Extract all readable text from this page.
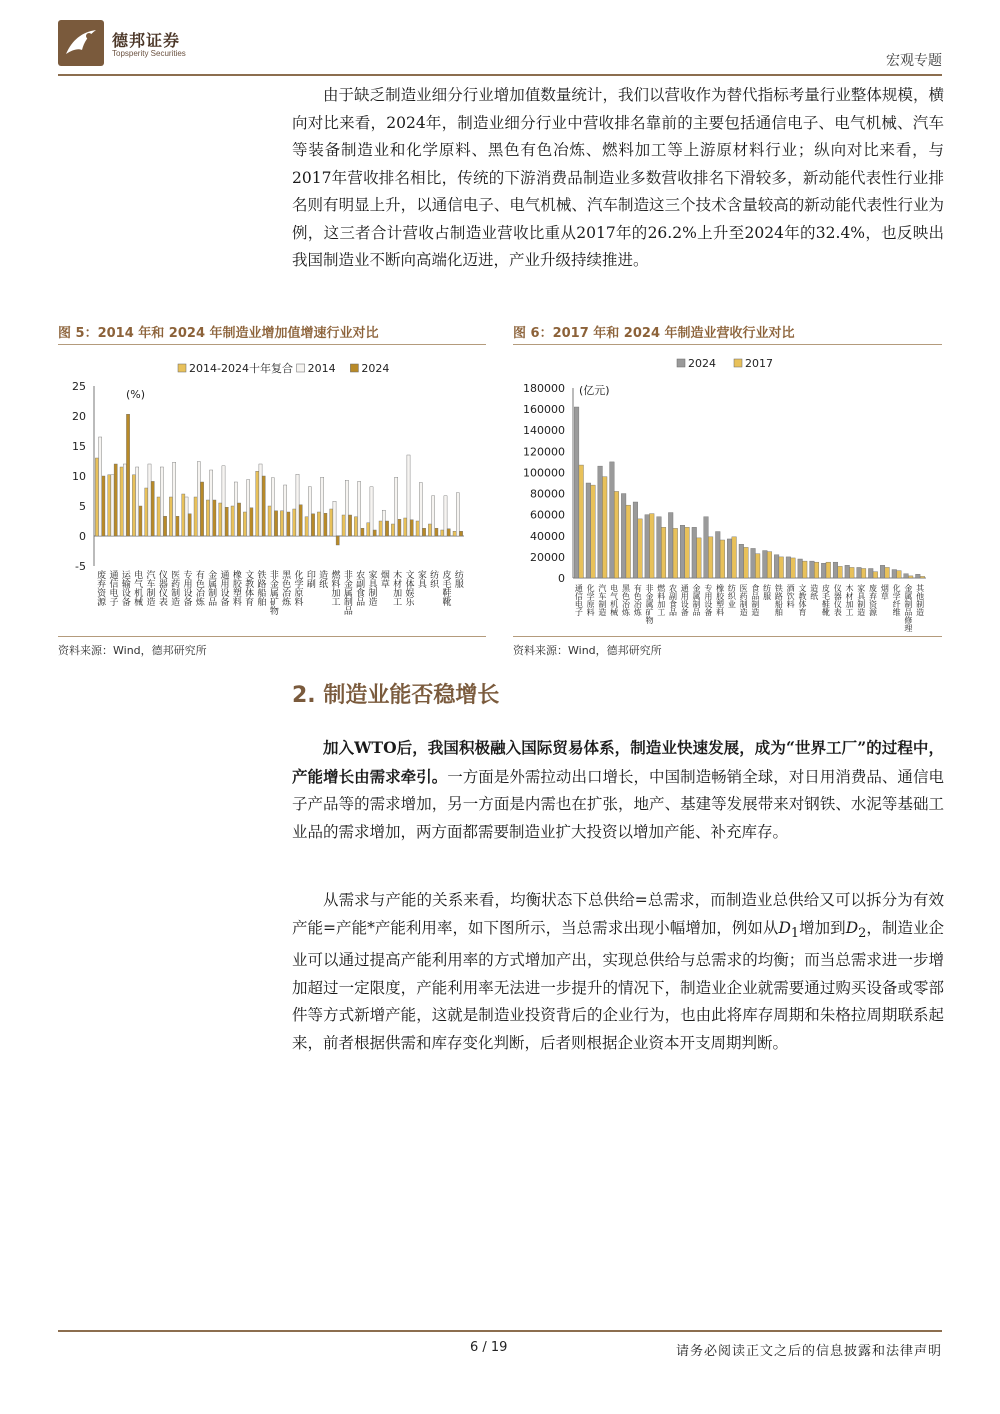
德邦证券
Topsperity Securities	宏观专题

由于缺乏制造业细分行业增加值数量统计，我们以营收作为替代指标考量行业整体规模，横向对比来看，2024年，制造业细分行业中营收排名靠前的主要包括通信电子、电气机械、汽车等装备制造业和化学原料、黑色有色冶炼、燃料加工等上游原材料行业；纵向对比来看，与2017年营收排名相比，传统的下游消费品制造业多数营收排名下滑较多，新动能代表性行业排名则有明显上升，以通信电子、电气机械、汽车制造这三个技术含量较高的新动能代表性行业为例，这三者合计营收占制造业营收比重从2017年的26.2%上升至2024年的32.4%，也反映出我国制造业不断向高端化迈进，产业升级持续推进。

图 5：2014 年和 2024 年制造业增加值增速行业对比
2014-2024十年复合 2014 2024
(%)
-5
0
5
10
15
20
25
废弃资源 通信电子 运输设备 电气机械 汽车制造 仪器仪表 医药制造 专用设备 有色冶炼 金属制品 通用设备 橡胶塑料 文教体育 铁路船舶 非金属矿物 黑色冶炼 化学原料 印刷 造纸 燃料加工 非金属制品 农副食品 家具制造 烟草 木材加工 文体娱乐 家具 纺织 皮毛鞋靴 纺服
资料来源：Wind，德邦研究所
图 6：2017 年和 2024 年制造业营收行业对比
2024	2017
(亿元)
0
20000
40000
60000
80000
100000
120000
140000
160000
180000
通信电子 化学原料 汽车制造 电气机械 黑色冶炼 有色冶炼 非金属矿物 燃料加工 农副食品 通用设备 金属制品 专用设备 橡胶塑料 纺织业 医药制造 食品制造 纺服 铁路船舶 酒饮料 文教体育 造纸 皮毛鞋靴 仪器仪表 木材加工 家具制造 废弃资源 烟草 化学纤维 金属制品修理 其他制造
资料来源：Wind，德邦研究所
2. 制造业能否稳增长

加入WTO后，我国积极融入国际贸易体系，制造业快速发展，成为“世界工厂”的过程中，产能增长由需求牵引。一方面是外需拉动出口增长，中国制造畅销全球，对日用消费品、通信电子产品等的需求增加，另一方面是内需也在扩张，地产、基建等发展带来对钢铁、水泥等基础工业品的需求增加，两方面都需要制造业扩大投资以增加产能、补充库存。

从需求与产能的关系来看，均衡状态下总供给=总需求，而制造业总供给又可以拆分为有效产能=产能*产能利用率，如下图所示，当总需求出现小幅增加，例如从$D_1$增加到$D_2$，制造业企业可以通过提高产能利用率的方式增加产出，实现总供给与总需求的均衡；而当总需求进一步增加超过一定限度，产能利用率无法进一步提升的情况下，制造业企业就需要通过购买设备或零部件等方式新增产能，这就是制造业投资背后的企业行为，也由此将库存周期和朱格拉周期联系起来，前者根据供需和库存变化判断，后者则根据企业资本开支周期判断。

6 / 19	请务必阅读正文之后的信息披露和法律声明
